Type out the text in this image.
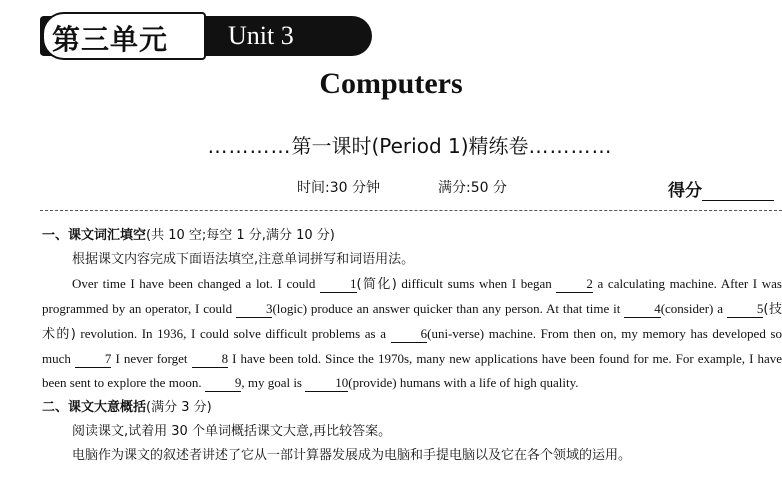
第三单元 Unit 3
Computers
…………第一课时(Period 1)精练卷…………
时间:30 分钟	满分:50 分	得分
一、课文词汇填空(共 10 空;每空 1 分,满分 10 分)
根据课文内容完成下面语法填空,注意单词拼写和词语用法。
Over time I have been changed a lot. I could 1(简化) difficult sums when I began 2 a calculating machine. After I was programmed by an operator, I could 3(logic) produce an answer quicker than any person. At that time it 4(consider) a 5(技术的) revolution. In 1936, I could solve difficult problems as a 6(uni-verse) machine. From then on, my memory has developed so much 7 I never forget 8 I have been told. Since the 1970s, many new applications have been found for me. For example, I have been sent to explore the moon. 9, my goal is 10(provide) humans with a life of high quality.
二、课文大意概括(满分 3 分)
阅读课文,试着用 30 个单词概括课文大意,再比较答案。
电脑作为课文的叙述者讲述了它从一部计算器发展成为电脑和手提电脑以及它在各个领域的运用。
